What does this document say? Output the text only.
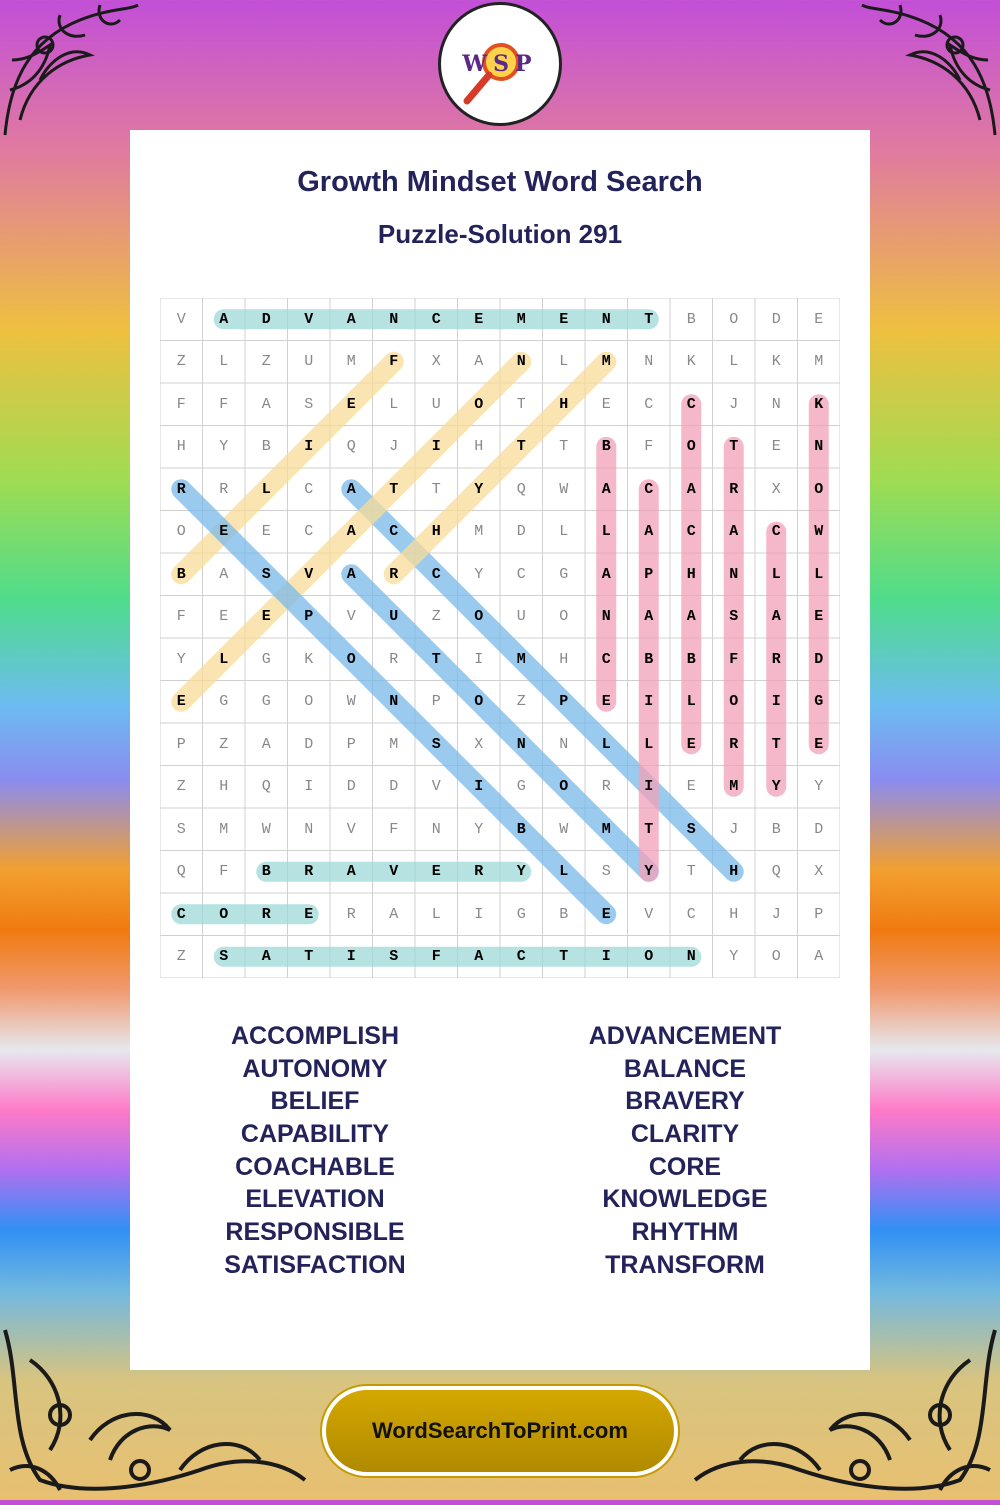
WSP
Growth Mindset Word Search
Puzzle-Solution 291
V	A	D	V	A	N	C	E	M	E	N	T	B	O	D	E
Z	L	Z	U	M	F	X	A	N	L	M	N	K	L	K	M
F	F	A	S	E	L	U	O	T	H	E	C	C	J	N	K
H	Y	B	I	Q	J	I	H	T	T	B	F	O	T	E	N
R	R	L	C	A	T	T	Y	Q	W	A	C	A	R	X	O
O	E	E	C	A	C	H	M	D	L	L	A	C	A	C	W
B	A	S	V	A	R	C	Y	C	G	A	P	H	N	L	L
F	E	E	P	V	U	Z	O	U	O	N	A	A	S	A	E
Y	L	G	K	O	R	T	I	M	H	C	B	B	F	R	D
E	G	G	O	W	N	P	O	Z	P	E	I	L	O	I	G
P	Z	A	D	P	M	S	X	N	N	L	L	E	R	T	E
Z	H	Q	I	D	D	V	I	G	O	R	I	E	M	Y	Y
S	M	W	N	V	F	N	Y	B	W	M	T	S	J	B	D
Q	F	B	R	A	V	E	R	Y	L	S	Y	T	H	Q	X
C	O	R	E	R	A	L	I	G	B	E	V	C	H	J	P
Z	S	A	T	I	S	F	A	C	T	I	O	N	Y	O	A
ACCOMPLISH
AUTONOMY
BELIEF
CAPABILITY
COACHABLE
ELEVATION
RESPONSIBLE
SATISFACTION
ADVANCEMENT
BALANCE
BRAVERY
CLARITY
CORE
KNOWLEDGE
RHYTHM
TRANSFORM
WordSearchToPrint.com
